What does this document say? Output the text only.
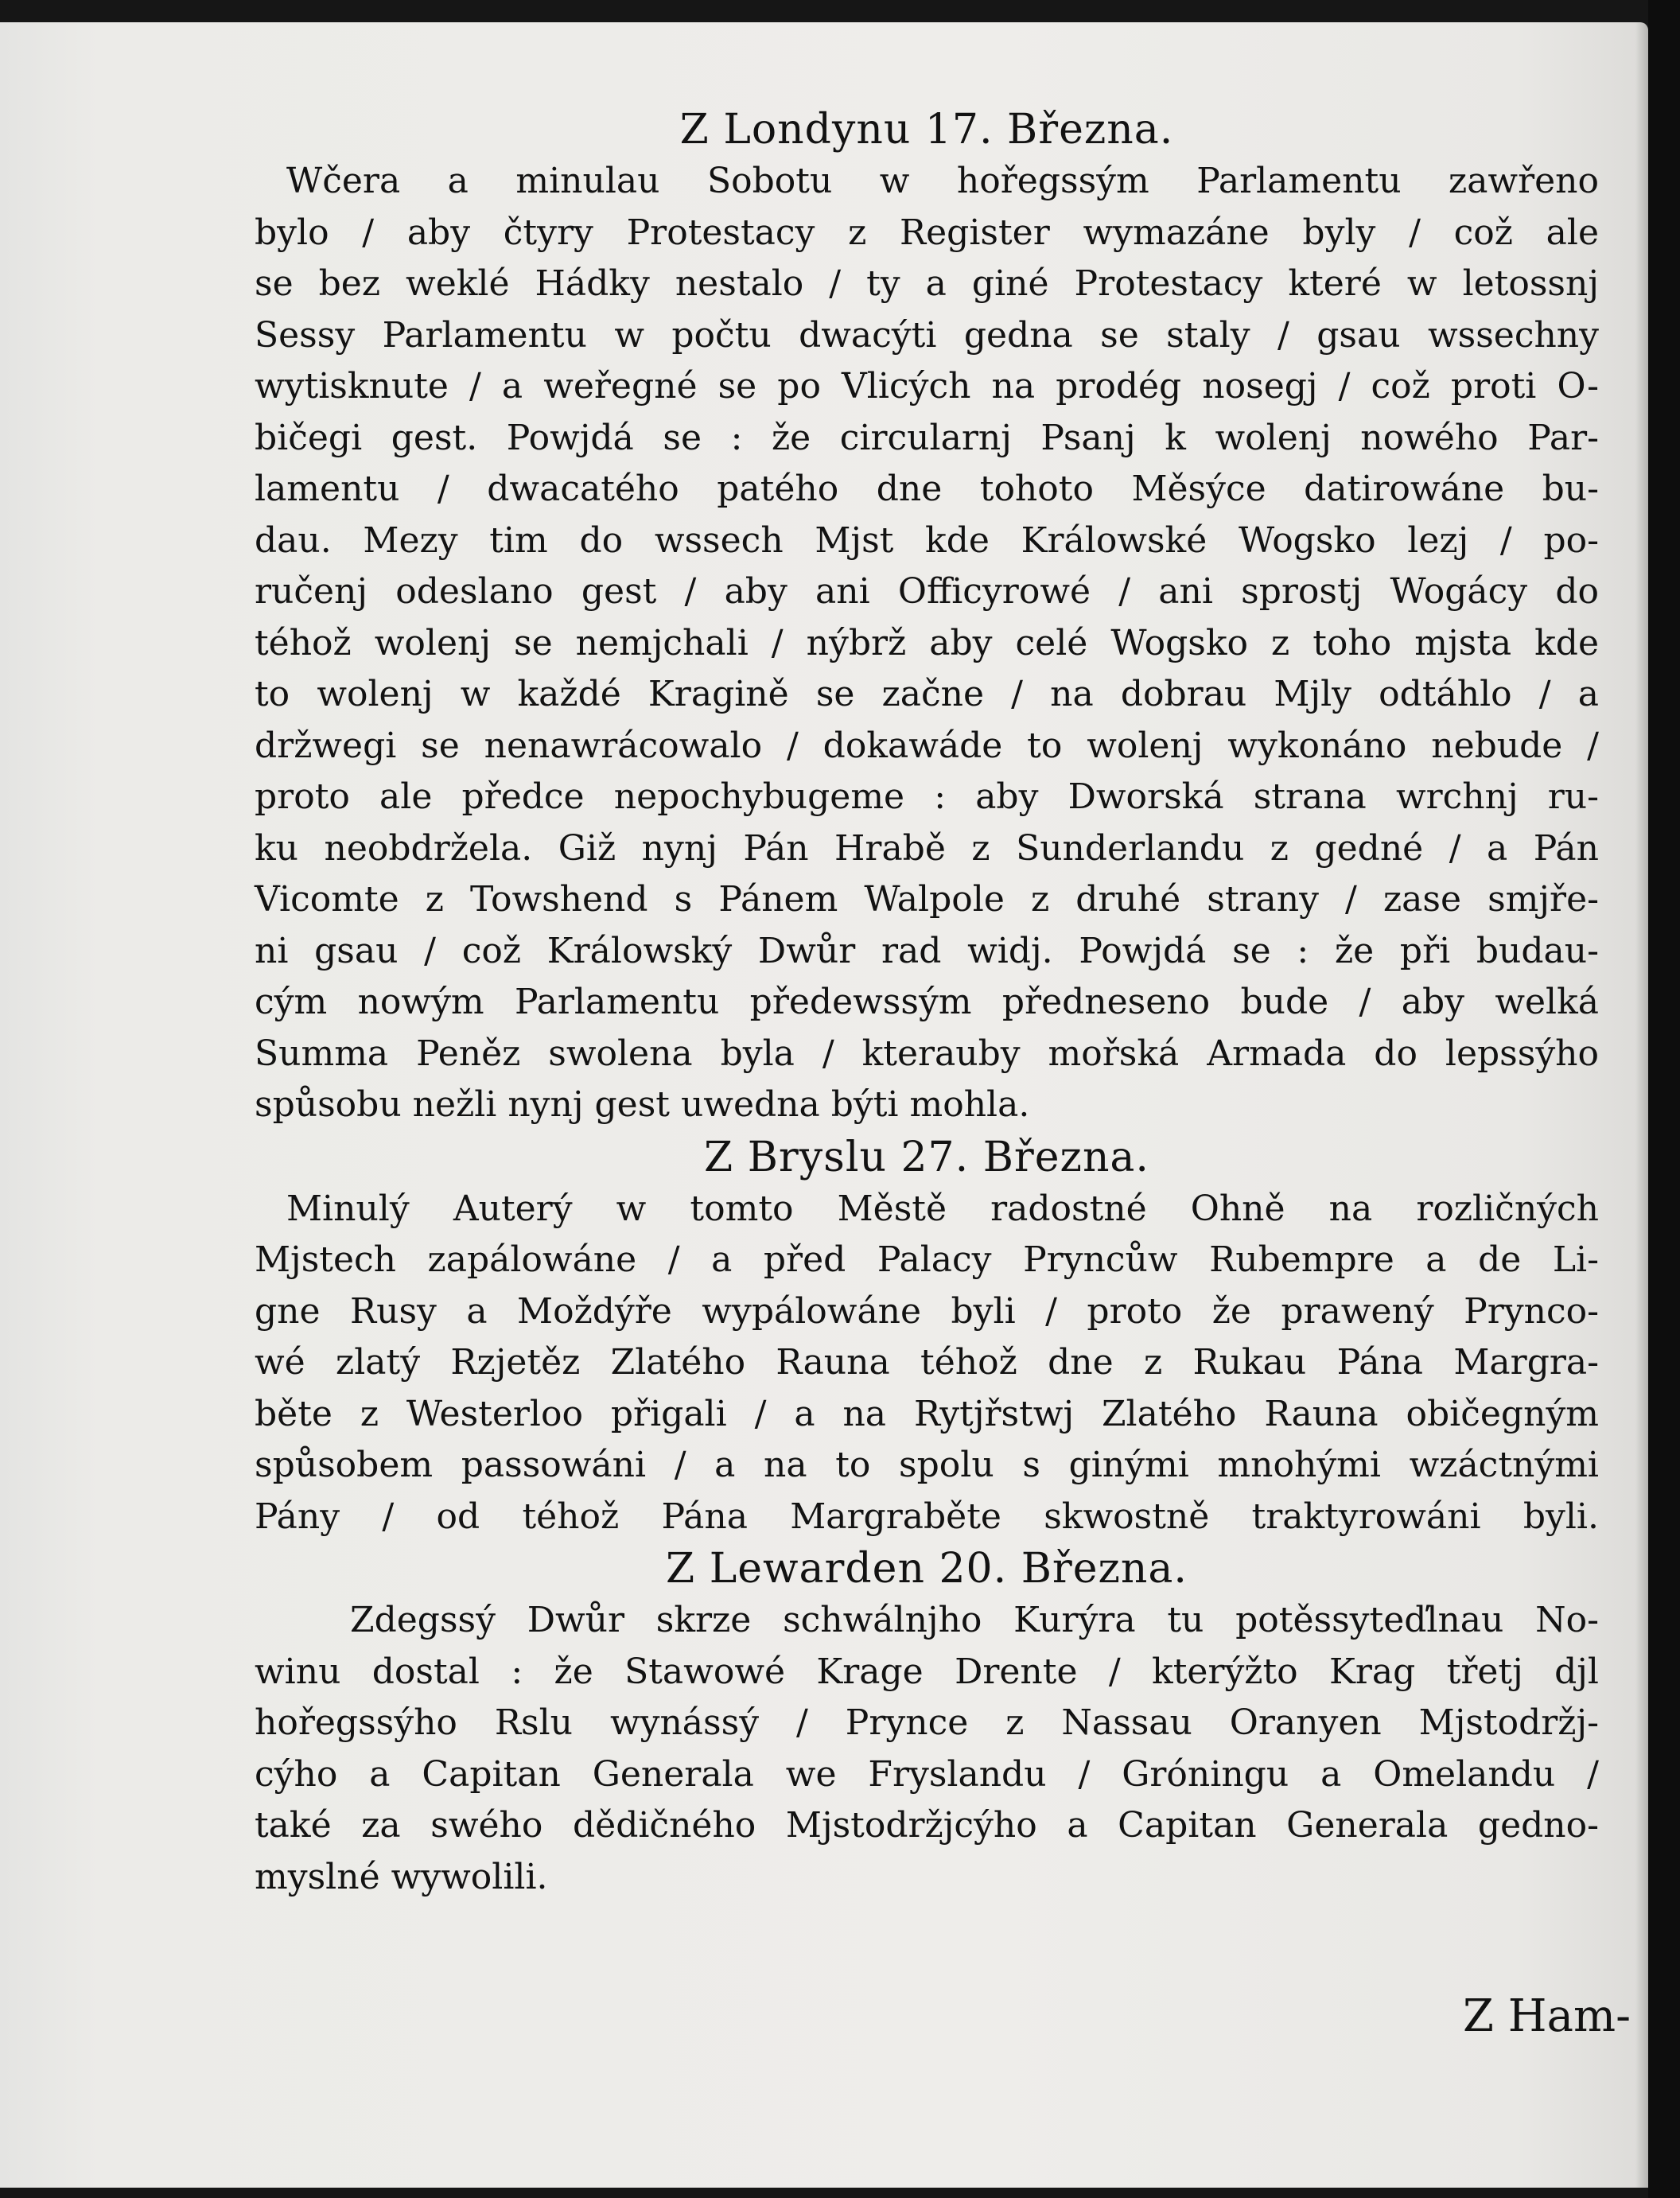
Z Londynu 17. Března.

Wčera a minulau Sobotu w hořegssým Parlamentu zawřeno

bylo / aby čtyry Protestacy z Register wymazáne byly / což ale

se bez weklé Hádky nestalo / ty a giné Protestacy které w letossnj

Sessy Parlamentu w počtu dwacýti gedna se staly / gsau wssechny

wytisknute / a weřegné se po Vlicých na prodég nosegj / což proti O-

bičegi gest. Powjdá se : že circularnj Psanj k wolenj nowého Par-

lamentu / dwacatého patého dne tohoto Měsýce datirowáne bu-

dau. Mezy tim do wssech Mjst kde Králowské Wogsko lezj / po-

ručenj odeslano gest / aby ani Officyrowé / ani sprostj Wogácy do

téhož wolenj se nemjchali / nýbrž aby celé Wogsko z toho mjsta kde

to wolenj w každé Kragině se začne / na dobrau Mjly odtáhlo / a

držwegi se nenawrácowalo / dokawáde to wolenj wykonáno nebude /

proto ale předce nepochybugeme : aby Dworská strana wrchnj ru-

ku neobdržela. Giž nynj Pán Hrabě z Sunderlandu z gedné / a Pán

Vicomte z Towshend s Pánem Walpole z druhé strany / zase smjře-

ni gsau / což Králowský Dwůr rad widj. Powjdá se : že při budau-

cým nowým Parlamentu předewssým předneseno bude / aby welká

Summa Peněz swolena byla / kterauby mořská Armada do lepssýho

spůsobu nežli nynj gest uwedna býti mohla.

Z Bryslu 27. Března.

Minulý Auterý w tomto Městě radostné Ohně na rozličných

Mjstech zapálowáne / a před Palacy Pryncůw Rubempre a de Li-

gne Rusy a Moždýře wypálowáne byli / proto že prawený Prynco-

wé zlatý Rzjetěz Zlatého Rauna téhož dne z Rukau Pána Margra-

běte z Westerloo přigali / a na Rytjřstwj Zlatého Rauna običegným

spůsobem passowáni / a na to spolu s ginými mnohými wzáctnými

Pány / od téhož Pána Margraběte skwostně traktyrowáni byli.

Z Lewarden 20. Března.

Zdegssý Dwůr skrze schwálnjho Kurýra tu potěssyteďlnau No-

winu dostal : že Stawowé Krage Drente / kterýžto Krag třetj djl

hořegssýho Rslu wynássý / Prynce z Nassau Oranyen Mjstodržj-

cýho a Capitan Generala we Fryslandu / Gróningu a Omelandu /

také za swého dědičného Mjstodržjcýho a Capitan Generala gedno-

myslné wywolili.

Z Ham-
